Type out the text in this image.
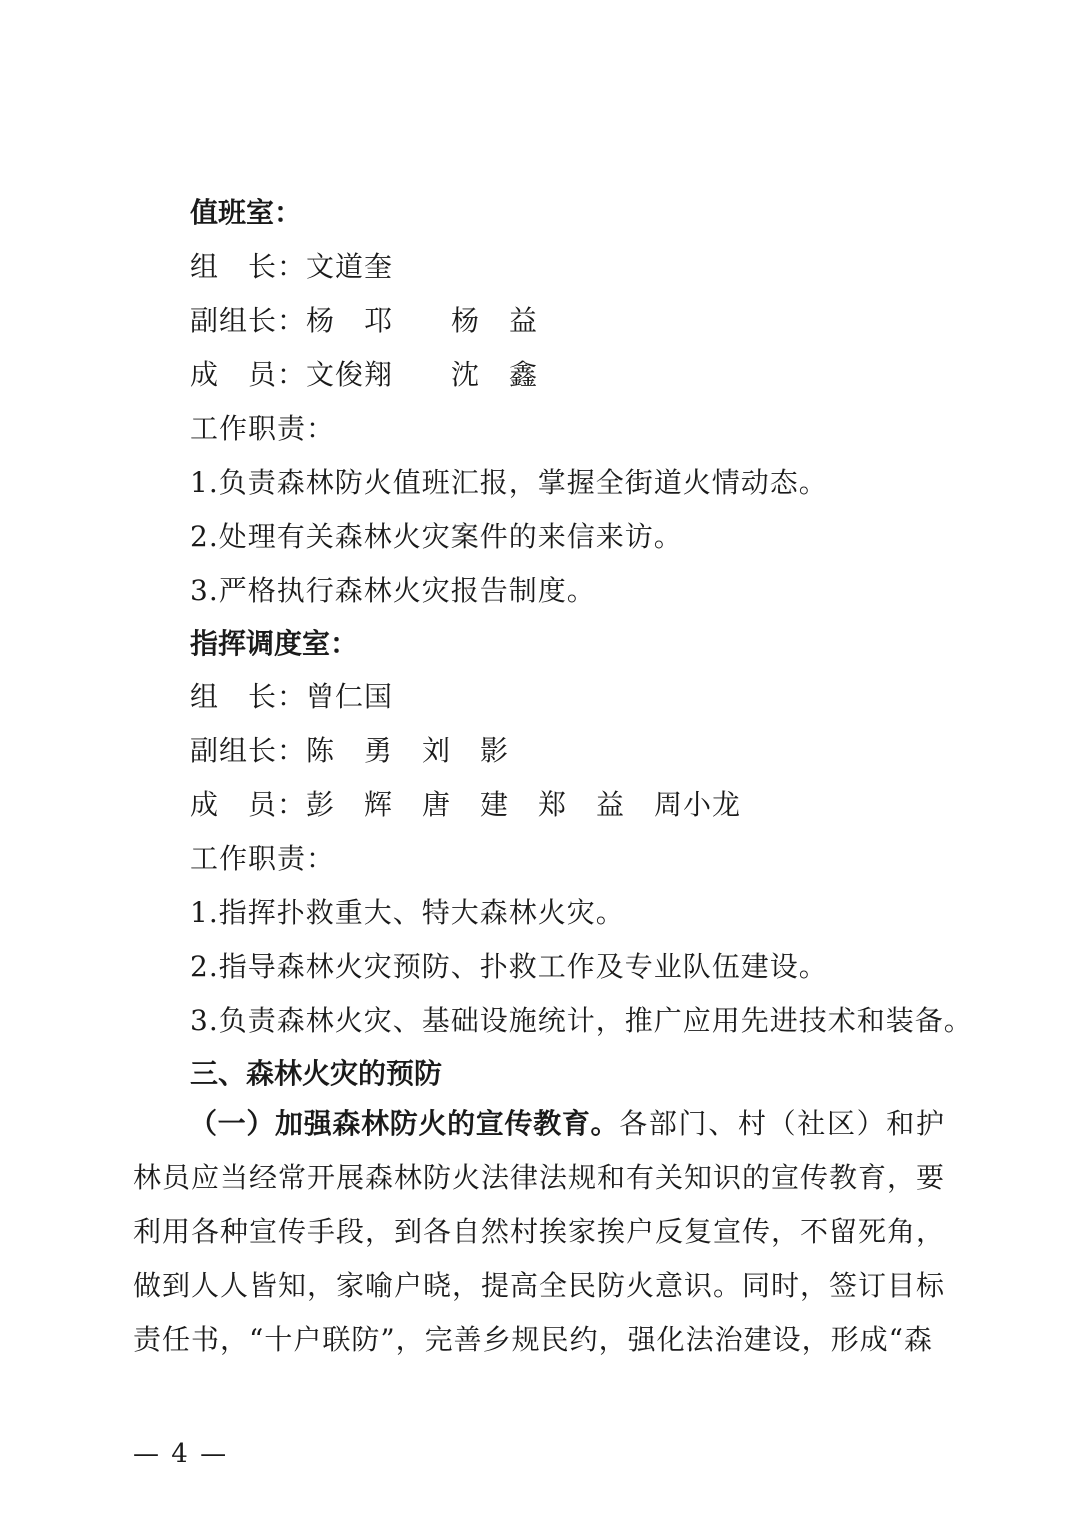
值班室：
组　长：文道奎
副组长：杨　邛　　杨　益
成　员：文俊翔　　沈　鑫
工作职责：
1.负责森林防火值班汇报，掌握全街道火情动态。
2.处理有关森林火灾案件的来信来访。
3.严格执行森林火灾报告制度。
指挥调度室：
组　长：曾仁国
副组长：陈　勇　刘　影
成　员：彭　辉　唐　建　郑　益　周小龙
工作职责：
1.指挥扑救重大、特大森林火灾。
2.指导森林火灾预防、扑救工作及专业队伍建设。
3.负责森林火灾、基础设施统计，推广应用先进技术和装备。
三、森林火灾的预防
（一）加强森林防火的宣传教育。各部门、村（社区）和护林员应当经常开展森林防火法律法规和有关知识的宣传教育，要利用各种宣传手段，到各自然村挨家挨户反复宣传，不留死角，做到人人皆知，家喻户晓，提高全民防火意识。同时，签订目标责任书，“十户联防”，完善乡规民约，强化法治建设，形成“森
— 4 —
